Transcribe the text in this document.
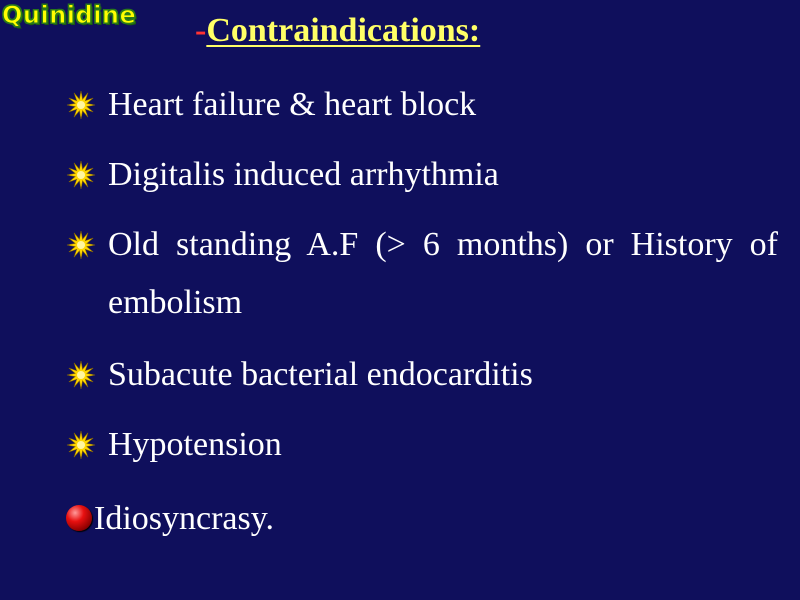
Quinidine -Contraindications:
Heart failure & heart block
Digitalis induced arrhythmia
Old standing A.F (> 6 months) or History of embolism
Subacute bacterial endocarditis
Hypotension
Idiosyncrasy.
